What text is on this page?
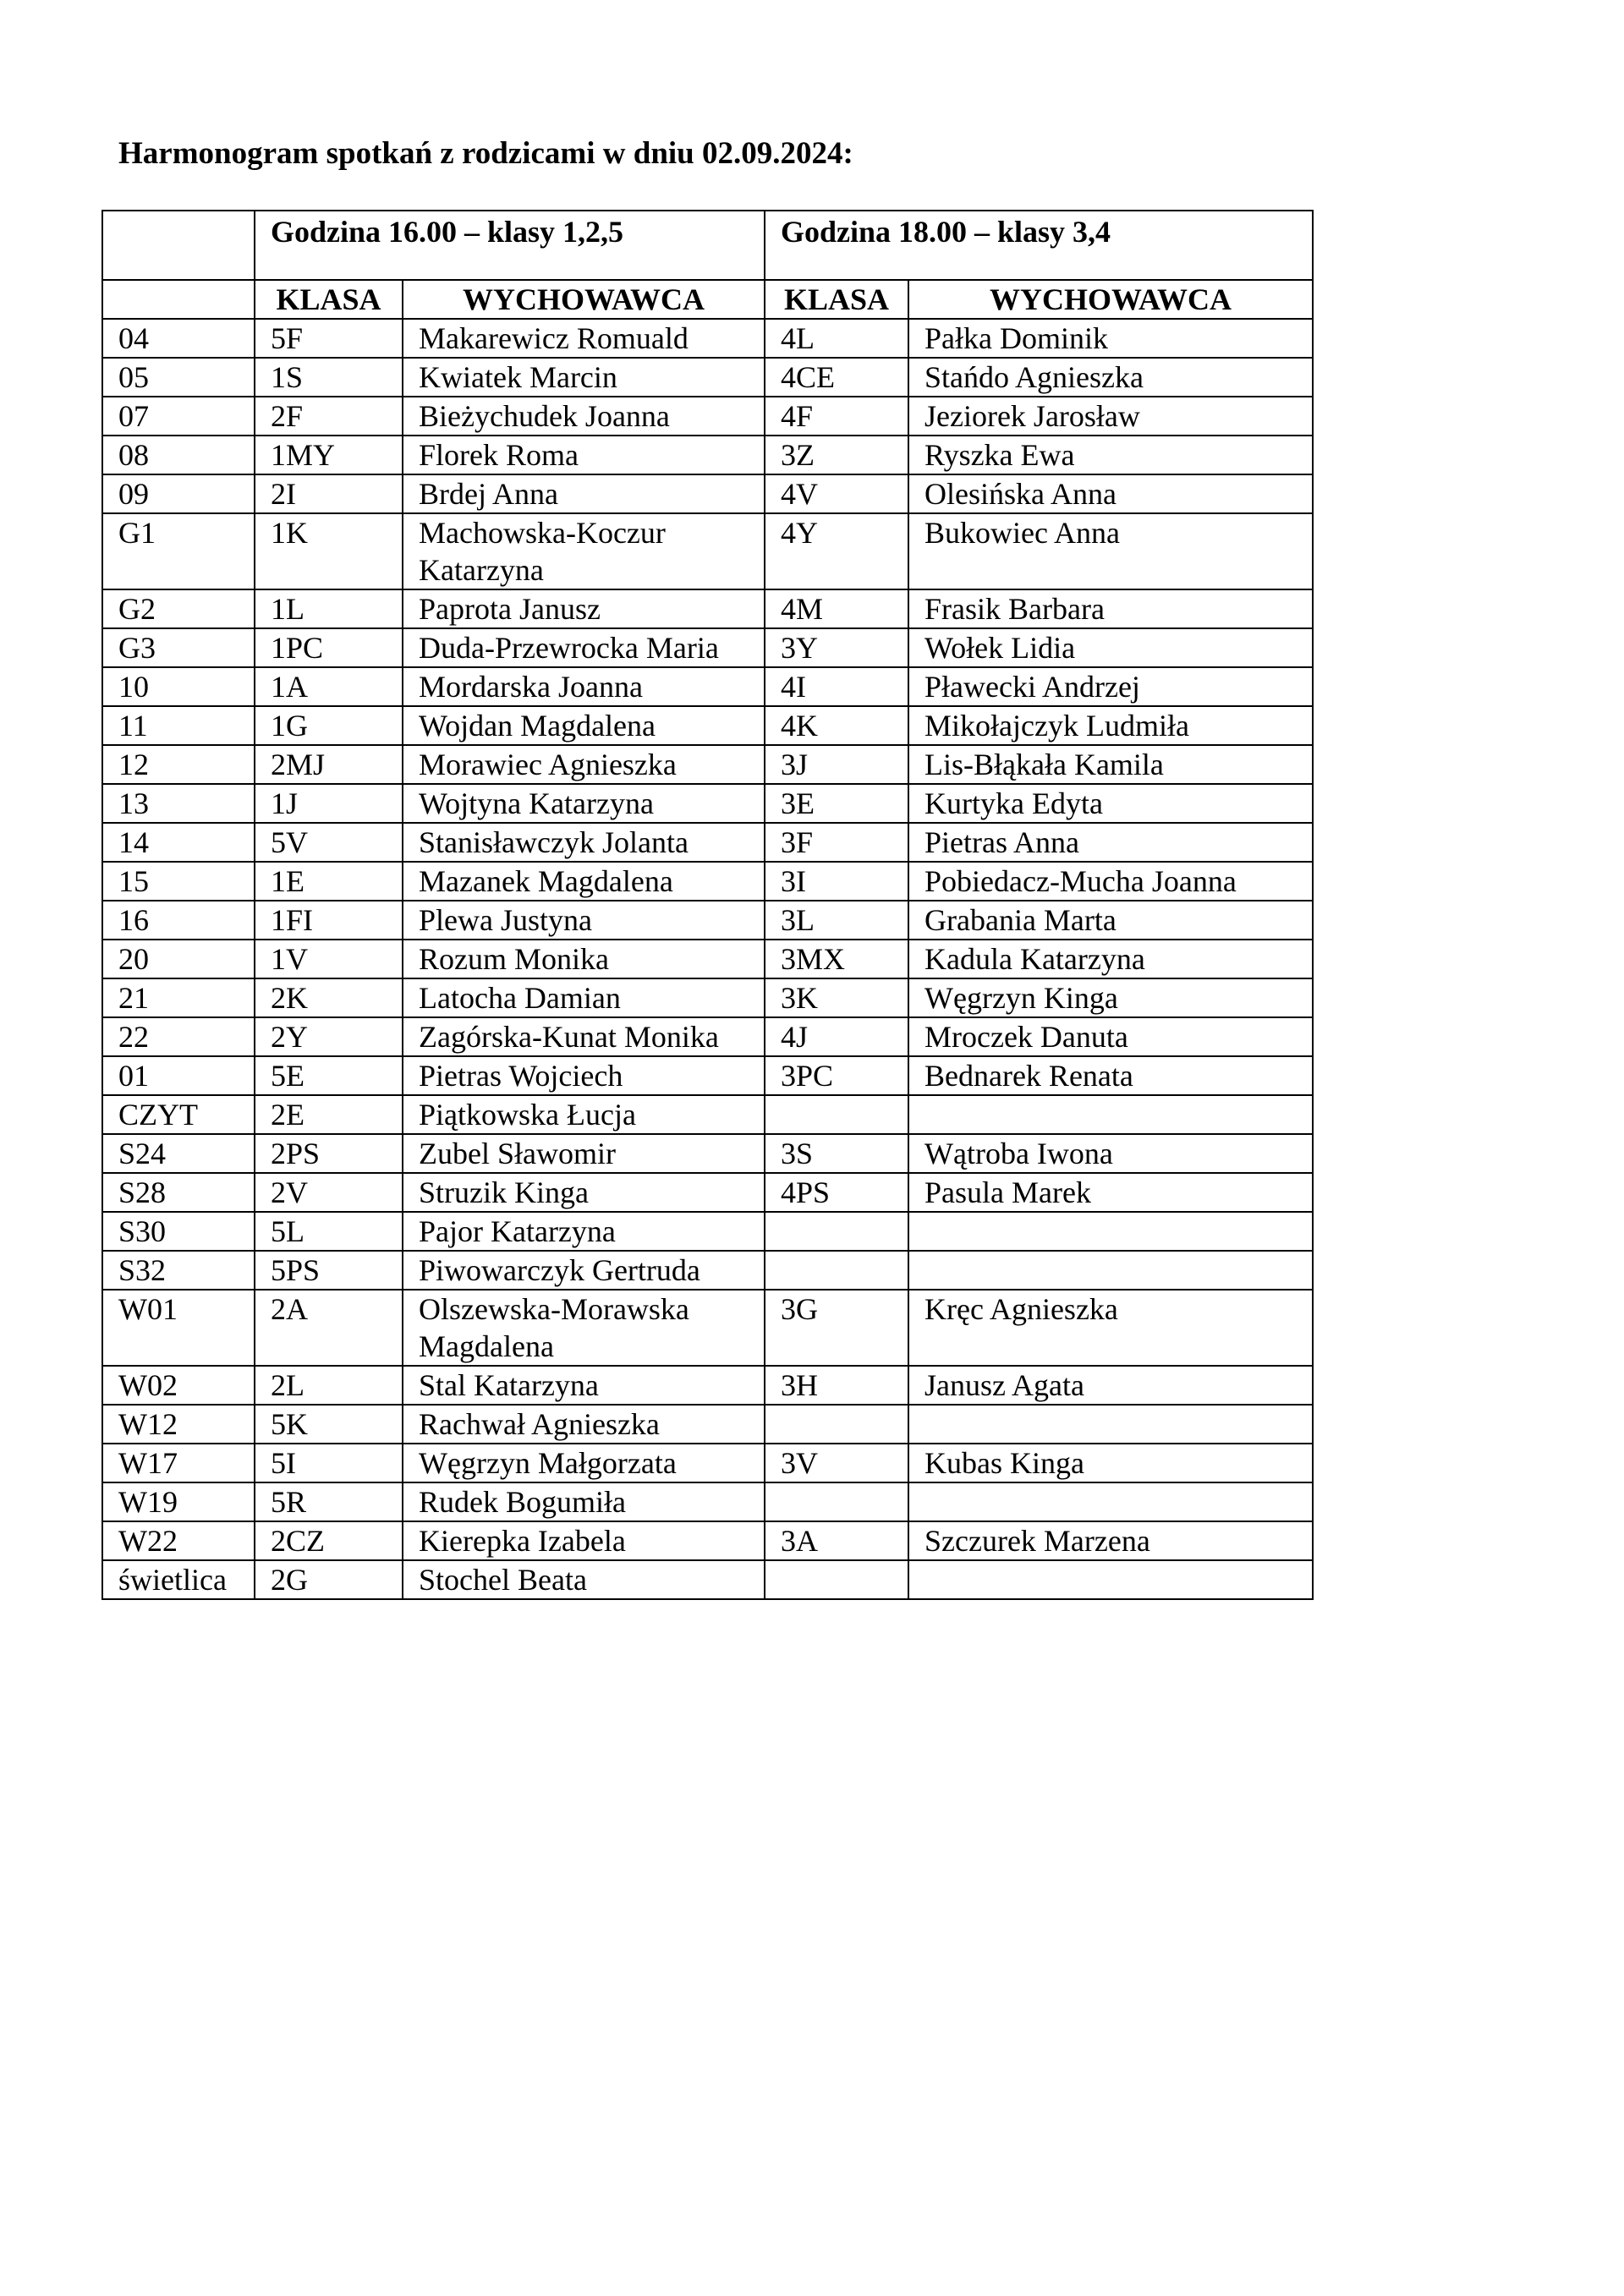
Harmonogram spotkań z rodzicami w dniu 02.09.2024:
	Godzina 16.00 – klasy 1,2,5		Godzina 18.00 – klasy 3,4	
	KLASA	WYCHOWAWCA	KLASA	WYCHOWAWCA
04	5F	Makarewicz Romuald	4L	Pałka Dominik
05	1S	Kwiatek Marcin	4CE	Stańdo Agnieszka
07	2F	Bieżychudek Joanna	4F	Jeziorek Jarosław
08	1MY	Florek Roma	3Z	Ryszka Ewa
09	2I	Brdej Anna	4V	Olesińska Anna
G1	1K	Machowska-Koczur Katarzyna	4Y	Bukowiec Anna
G2	1L	Paprota Janusz	4M	Frasik Barbara
G3	1PC	Duda-Przewrocka Maria	3Y	Wołek Lidia
10	1A	Mordarska Joanna	4I	Pławecki Andrzej
11	1G	Wojdan Magdalena	4K	Mikołajczyk Ludmiła
12	2MJ	Morawiec Agnieszka	3J	Lis-Błąkała Kamila
13	1J	Wojtyna Katarzyna	3E	Kurtyka Edyta
14	5V	Stanisławczyk Jolanta	3F	Pietras Anna
15	1E	Mazanek Magdalena	3I	Pobiedacz-Mucha Joanna
16	1FI	Plewa Justyna	3L	Grabania Marta
20	1V	Rozum Monika	3MX	Kadula Katarzyna
21	2K	Latocha Damian	3K	Węgrzyn Kinga
22	2Y	Zagórska-Kunat Monika	4J	Mroczek Danuta
01	5E	Pietras Wojciech	3PC	Bednarek Renata
CZYT	2E	Piątkowska Łucja		
S24	2PS	Zubel Sławomir	3S	Wątroba Iwona
S28	2V	Struzik Kinga	4PS	Pasula Marek
S30	5L	Pajor Katarzyna		
S32	5PS	Piwowarczyk Gertruda		
W01	2A	Olszewska-Morawska Magdalena	3G	Kręc Agnieszka
W02	2L	Stal Katarzyna	3H	Janusz Agata
W12	5K	Rachwał Agnieszka		
W17	5I	Węgrzyn Małgorzata	3V	Kubas Kinga
W19	5R	Rudek Bogumiła		
W22	2CZ	Kierepka Izabela	3A	Szczurek Marzena
świetlica	2G	Stochel Beata		
